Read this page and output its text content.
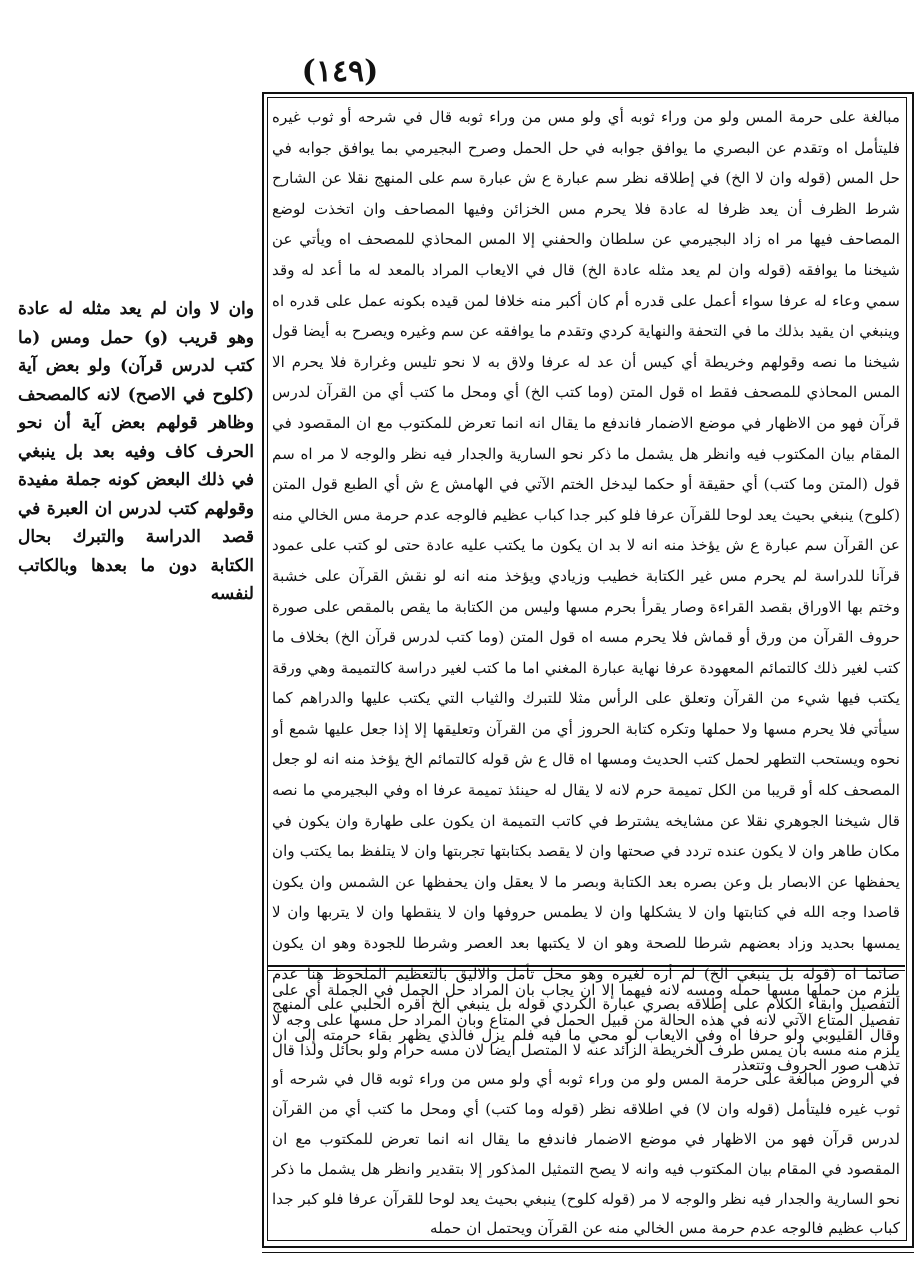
(١٤٩)
مبالغة على حرمة المس ولو من وراء ثوبه أي ولو مس من وراء ثوبه قال في شرحه أو ثوب غيره فليتأمل اه وتقدم عن البصري ما يوافق جوابه في حل الحمل وصرح البجيرمي بما يوافق جوابه في حل المس (قوله وان لا الخ) في إطلاقه نظر سم عبارة ع ش عبارة سم على المنهج نقلا عن الشارح شرط الظرف أن يعد ظرفا له عادة فلا يحرم مس الخزائن وفيها المصاحف وان اتخذت لوضع المصاحف فيها مر اه زاد البجيرمي عن سلطان والحفني إلا المس المحاذي للمصحف اه ويأتي عن شيخنا ما يوافقه (قوله وان لم يعد مثله عادة الخ) قال في الايعاب المراد بالمعد له ما أعد له وقد سمي وعاء له عرفا سواء أعمل على قدره أم كان أكبر منه خلافا لمن قيده بكونه عمل على قدره اه وينبغي ان يقيد بذلك ما في التحفة والنهاية كردي وتقدم ما يوافقه عن سم وغيره ويصرح به أيضا قول شيخنا ما نصه وقولهم وخريطة أي كيس أن عد له عرفا ولاق به لا نحو تليس وغرارة فلا يحرم الا المس المحاذي للمصحف فقط اه قول المتن (وما كتب الخ) أي ومحل ما كتب أي من القرآن لدرس قرآن فهو من الاظهار في موضع الاضمار فاندفع ما يقال انه انما تعرض للمكتوب مع ان المقصود في المقام بيان المكتوب فيه وانظر هل يشمل ما ذكر نحو السارية والجدار فيه نظر والوجه لا مر اه سم قول (المتن وما كتب) أي حقيقة أو حكما ليدخل الختم الآتي في الهامش ع ش أي الطبع قول المتن (كلوح) ينبغي بحيث يعد لوحا للقرآن عرفا فلو كبر جدا كباب عظيم فالوجه عدم حرمة مس الخالي منه عن القرآن سم عبارة ع ش يؤخذ منه انه لا بد ان يكون ما يكتب عليه عادة حتى لو كتب على عمود قرآنا للدراسة لم يحرم مس غير الكتابة خطيب وزيادي ويؤخذ منه انه لو نقش القرآن على خشبة وختم بها الاوراق بقصد القراءة وصار يقرأ بحرم مسها وليس من الكتابة ما يقص بالمقص على صورة حروف القرآن من ورق أو قماش فلا يحرم مسه اه قول المتن (وما كتب لدرس قرآن الخ) بخلاف ما كتب لغير ذلك كالتمائم المعهودة عرفا نهاية عبارة المغني اما ما كتب لغير دراسة كالتميمة وهي ورقة يكتب فيها شيء من القرآن وتعلق على الرأس مثلا للتبرك والثياب التي يكتب عليها والدراهم كما سيأتي فلا يحرم مسها ولا حملها وتكره كتابة الحروز أي من القرآن وتعليقها إلا إذا جعل عليها شمع أو نحوه ويستحب التطهر لحمل كتب الحديث ومسها اه قال ع ش قوله كالتمائم الخ يؤخذ منه انه لو جعل المصحف كله أو قريبا من الكل تميمة حرم لانه لا يقال له حينئذ تميمة عرفا اه وفي البجيرمي ما نصه قال شيخنا الجوهري نقلا عن مشايخه يشترط في كاتب التميمة ان يكون على طهارة وان يكون في مكان طاهر وان لا يكون عنده تردد في صحتها وان لا يقصد بكتابتها تجربتها وان لا يتلفظ بما يكتب وان يحفظها عن الابصار بل وعن بصره بعد الكتابة وبصر ما لا يعقل وان يحفظها عن الشمس وان يكون قاصدا وجه الله في كتابتها وان لا يشكلها وان لا يطمس حروفها وان لا ينقطها وان لا يتربها وان لا يمسها بحديد وزاد بعضهم شرطا للصحة وهو ان لا يكتبها بعد العصر وشرطا للجودة وهو ان يكون صائما اه (قوله بل ينبغي الخ) لم أره لغيره وهو محل تأمل والاليق بالتعظيم الملحوظ هنا عدم التفصيل وابقاء الكلام على إطلاقه بصري عبارة الكردي قوله بل ينبغي الخ أقره الحلبي على المنهج وقال القليوبي ولو حرفا اه وفي الايعاب لو محي ما فيه فلم يزل فالذي يظهر بقاء حرمته إلى ان تذهب صور الحروف وتتعذر
يلزم من حملها مسها حمله ومسه لانه فيهما إلا ان يجاب بان المراد حل الحمل في الجملة أي على تفصيل المتاع الآتي لانه في هذه الحالة من قبيل الحمل في المتاع وبان المراد حل مسها على وجه لا يلزم منه مسه بان يمس طرف الخريطة الزائد عنه لا المتصل ايضا لان مسه حرام ولو بحائل ولذا قال في الروض مبالغة على حرمة المس ولو من وراء ثوبه أي ولو مس من وراء ثوبه قال في شرحه أو ثوب غيره فليتأمل (قوله وان لا) في اطلاقه نظر (قوله وما كتب) أي ومحل ما كتب أي من القرآن لدرس قرآن فهو من الاظهار في موضع الاضمار فاندفع ما يقال انه انما تعرض للمكتوب مع ان المقصود في المقام بيان المكتوب فيه وانه لا يصح التمثيل المذكور إلا بتقدير وانظر هل يشمل ما ذكر نحو السارية والجدار فيه نظر والوجه لا مر (قوله كلوح) ينبغي بحيث يعد لوحا للقرآن عرفا فلو كبر جدا كباب عظيم فالوجه عدم حرمة مس الخالي منه عن القرآن ويحتمل ان حمله
وان لا وان لم يعد مثله له عادة وهو قريب (و) حمل ومس (ما كتب لدرس قرآن) ولو بعض آية (كلوح في الاصح) لانه كالمصحف وظاهر قولهم بعض آية أن نحو الحرف كاف وفيه بعد بل ينبغي في ذلك البعض كونه جملة مفيدة وقولهم كتب لدرس ان العبرة في قصد الدراسة والتبرك بحال الكتابة دون ما بعدها وبالكاتب لنفسه
